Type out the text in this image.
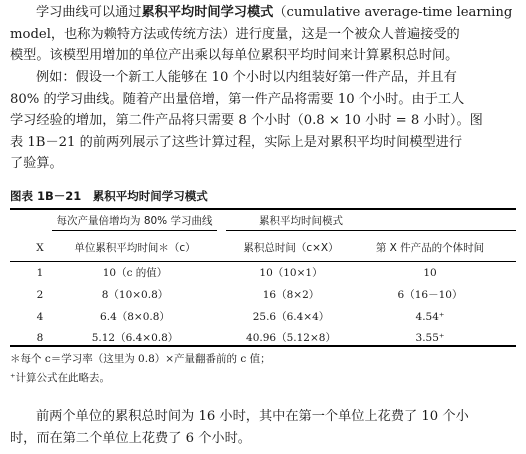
学习曲线可以通过累积平均时间学习模式（cumulative average-time learning
model，也称为赖特方法或传统方法）进行度量，这是一个被众人普遍接受的
模型。该模型用增加的单位产出乘以每单位累积平均时间来计算累积总时间。
例如：假设一个新工人能够在 10 个小时以内组装好第一件产品，并且有
80% 的学习曲线。随着产出量倍增，第一件产品将需要 10 个小时。由于工人
学习经验的增加，第二件产品将只需要 8 个小时（0.8 × 10 小时 = 8 小时）。图
表 1B－21 的前两列展示了这些计算过程，实际上是对累积平均时间模型进行
了验算。
图表 1B－21　累积平均时间学习模式
每次产量倍增均为 80% 学习曲线	累积平均时间模式
X	单位累积平均时间＊（c）	累积总时间（c×X）	第 X 件产品的个体时间
1	10（c 的值）	10（10×1）	10
2	8（10×0.8）	16（8×2）	6（16－10）
4	6.4（8×0.8）	25.6（6.4×4）	4.54⁺
8	5.12（6.4×0.8）	40.96（5.12×8）	3.55⁺
＊每个 c＝学习率（这里为 0.8）×产量翻番前的 c 值；
⁺计算公式在此略去。
前两个单位的累积总时间为 16 小时，其中在第一个单位上花费了 10 个小
时，而在第二个单位上花费了 6 个小时。
